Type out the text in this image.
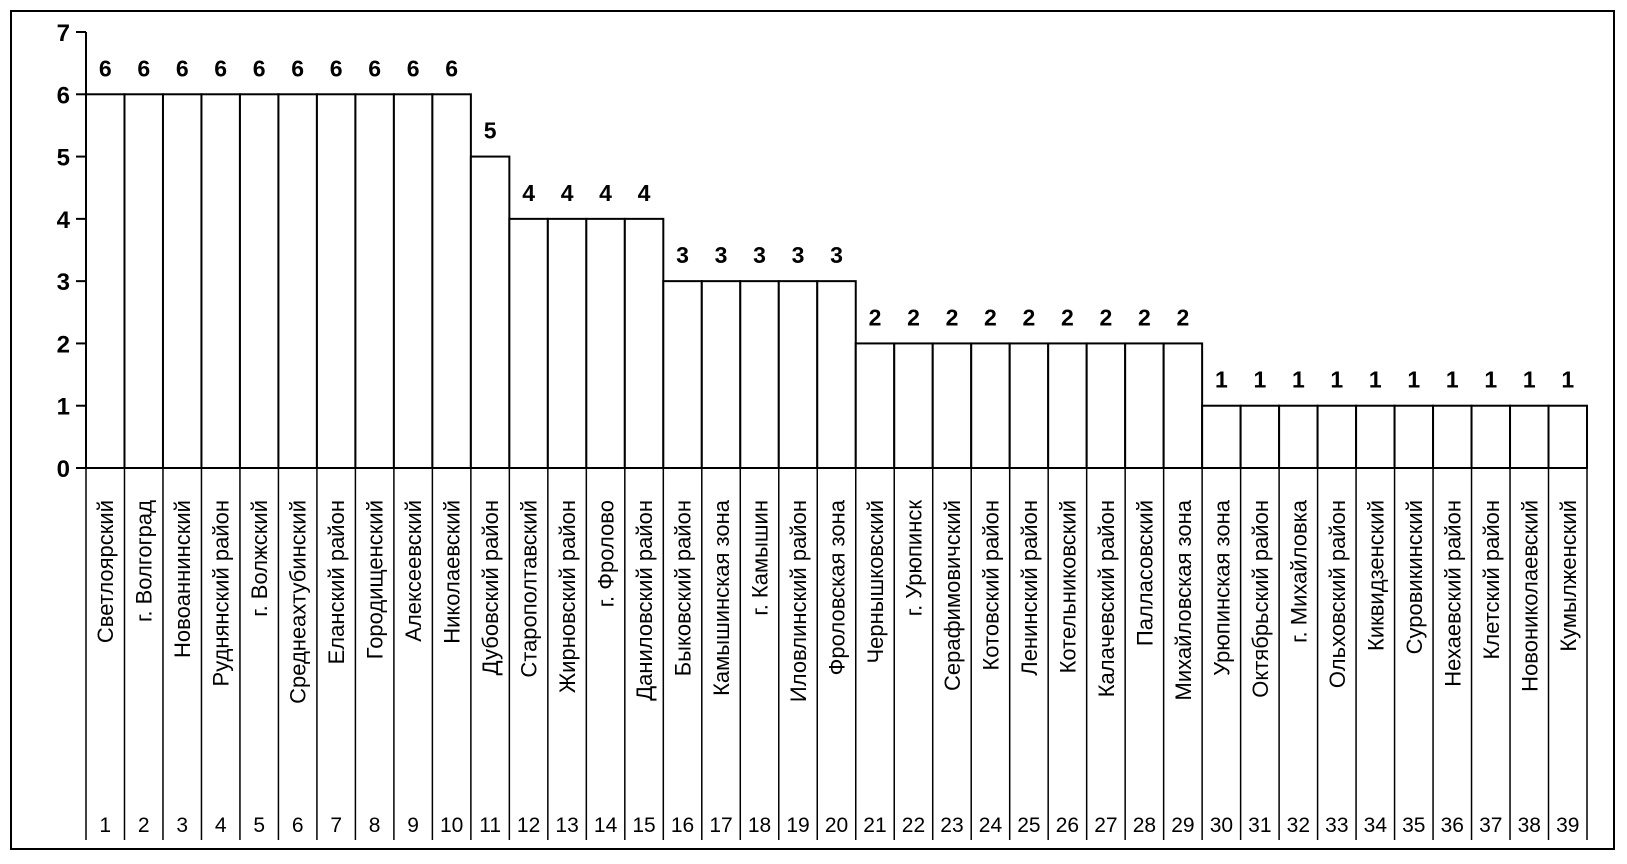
0
1
2
3
4
5
6
7
6
Светлоярский
1
6
г. Волгоград
2
6
Новоаннинский
3
6
Руднянский район
4
6
г. Волжский
5
6
Среднеахтубинский
6
6
Еланский район
7
6
Городищенский
8
6
Алексеевский
9
6
Николаевский
10
5
Дубовский район
11
4
Старополтавский
12
4
Жирновский район
13
4
г. Фролово
14
4
Даниловский район
15
3
Быковский район
16
3
Камышинская зона
17
3
г. Камышин
18
3
Иловлинский район
19
3
Фроловская зона
20
2
Чернышковский
21
2
г. Урюпинск
22
2
Серафимовичский
23
2
Котовский район
24
2
Ленинский район
25
2
Котельниковский
26
2
Калачевский район
27
2
Палласовский
28
2
Михайловская зона
29
1
Урюпинская зона
30
1
Октябрьский район
31
1
г. Михайловка
32
1
Ольховский район
33
1
Киквидзенский
34
1
Суровикинский
35
1
Нехаевский район
36
1
Клетский район
37
1
Новониколаевский
38
1
Кумылженский
39
